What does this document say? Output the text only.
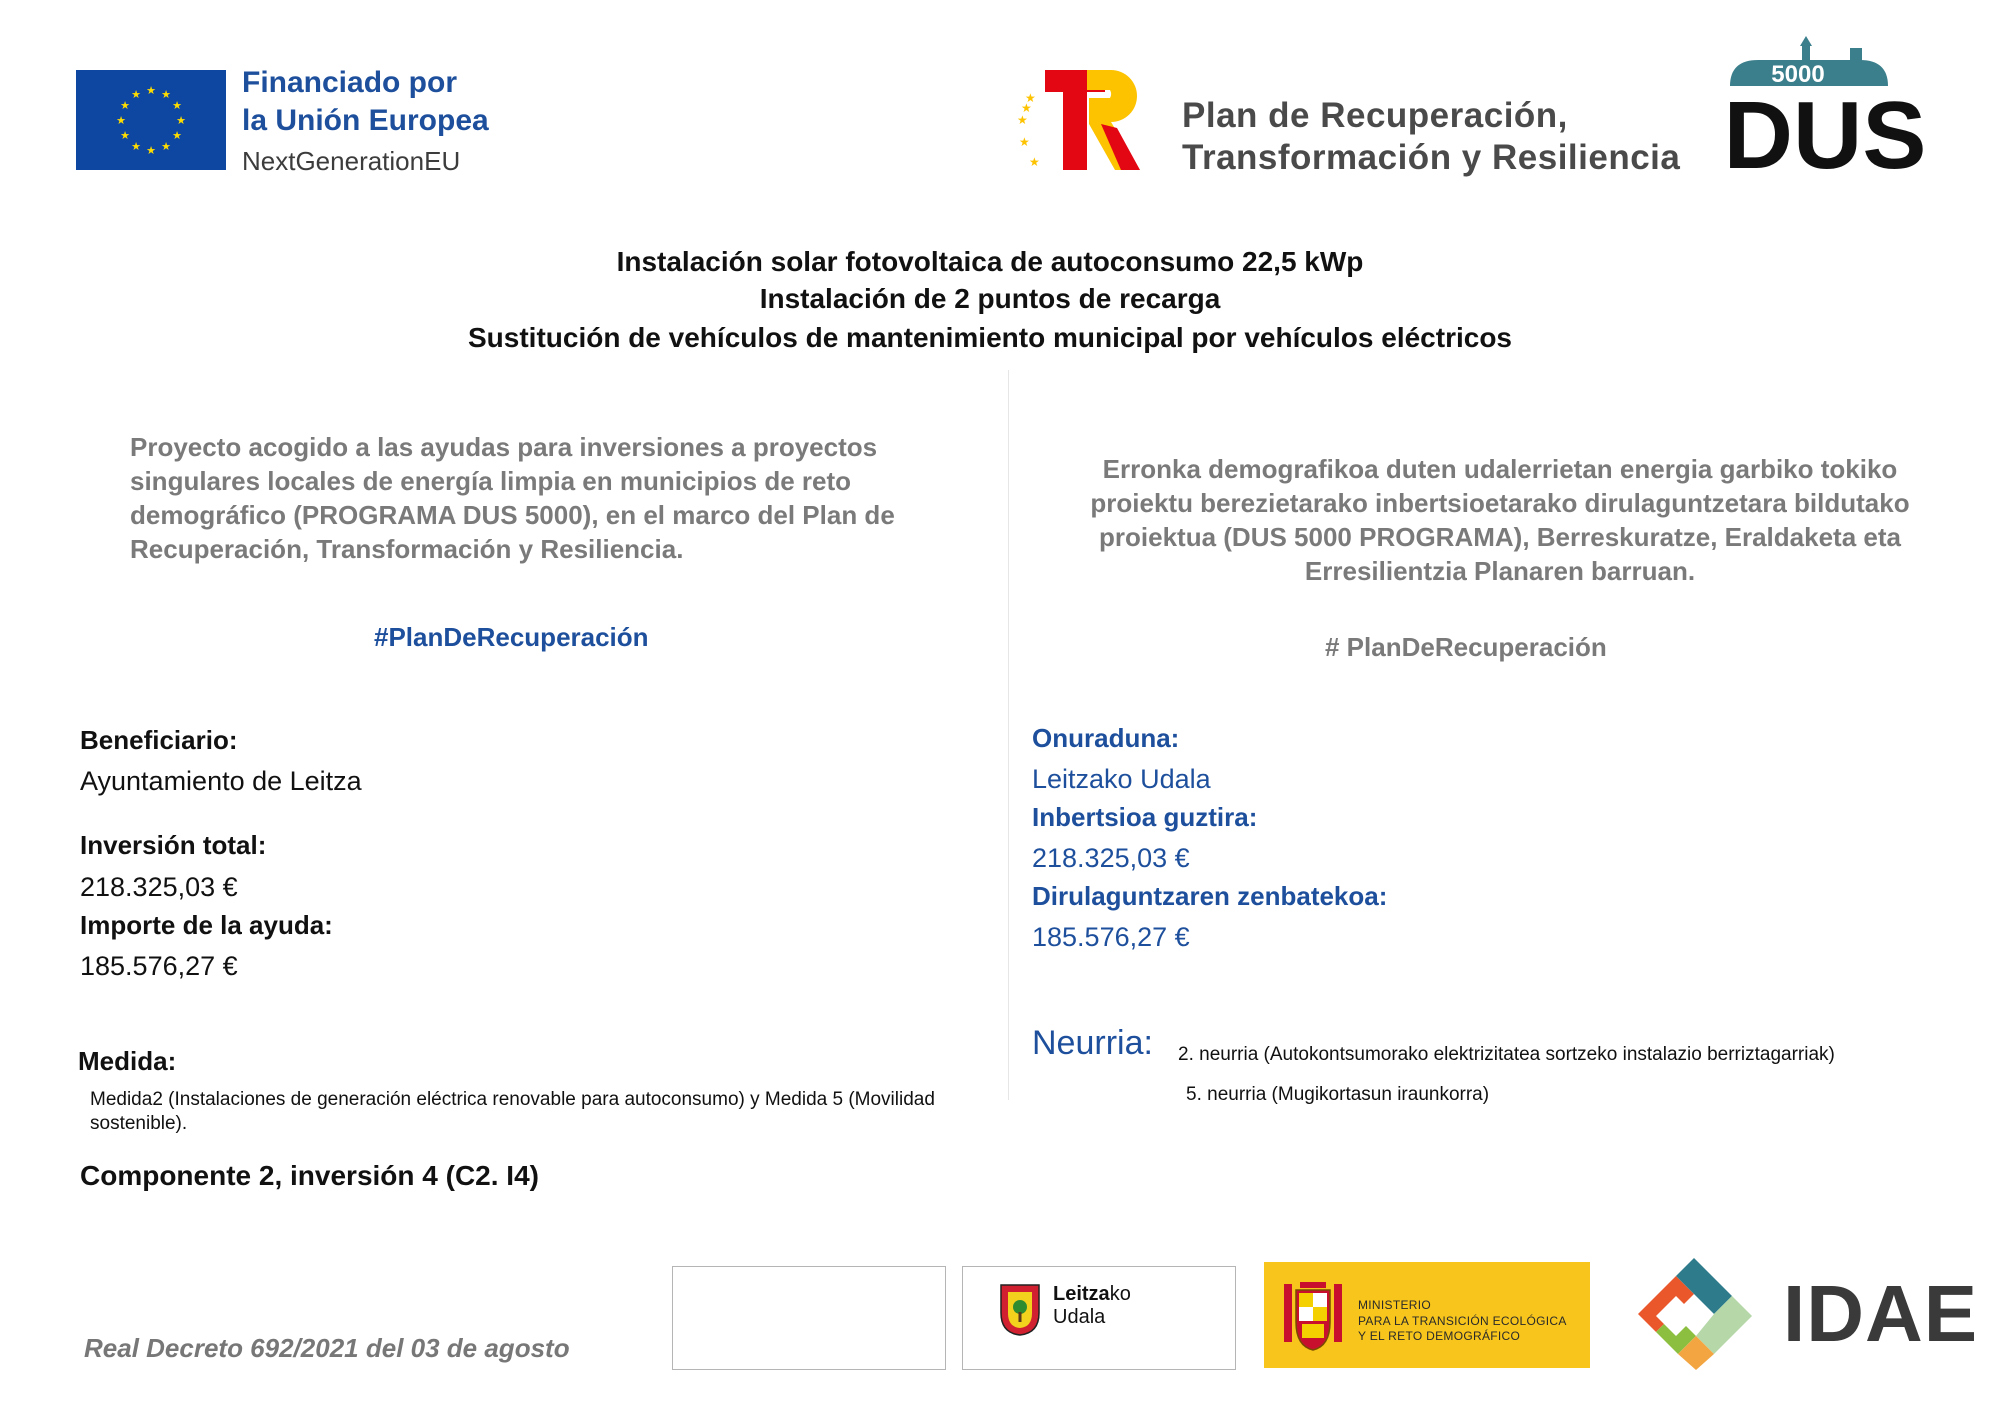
★ ★
★
★
★
★
★
★
★
★
★
★	Financiado por
la Unión Europea
NextGenerationEU
★
★
★
★
★	Plan de Recuperación,
Transformación y Resiliencia
5000
DUS
Instalación solar fotovoltaica de autoconsumo 22,5 kWp
Instalación de 2 puntos de recarga
Sustitución de vehículos de mantenimiento municipal por vehículos eléctricos
Proyecto acogido a las ayudas para inversiones a proyectos singulares locales de energía limpia en municipios de reto demográfico (PROGRAMA DUS 5000), en el marco del Plan de Recuperación, Transformación y Resiliencia.
#PlanDeRecuperación
Beneficiario:
Ayuntamiento de Leitza
Inversión total:
218.325,03 €
Importe de la ayuda:
185.576,27 €
Medida:
Medida2 (Instalaciones de generación eléctrica renovable para autoconsumo) y Medida 5 (Movilidad sostenible).
Componente 2, inversión 4 (C2. I4)
Erronka demografikoa duten udalerrietan energia garbiko tokiko proiektu berezietarako inbertsioetarako dirulaguntzetara bildutako proiektua (DUS 5000 PROGRAMA), Berreskuratze, Eraldaketa eta Erresilientzia Planaren barruan.
# PlanDeRecuperación
Onuraduna:
Leitzako Udala
Inbertsioa guztira:
218.325,03 €
Dirulaguntzaren zenbatekoa:
185.576,27 €
Neurria: 2. neurria (Autokontsumorako elektrizitatea sortzeko instalazio berriztagarriak)
5. neurria (Mugikortasun iraunkorra)
Real Decreto 692/2021 del 03 de agosto
Leitzako
Udala
MINISTERIO
PARA LA TRANSICIÓN ECOLÓGICA
Y EL RETO DEMOGRÁFICO	IDAE
